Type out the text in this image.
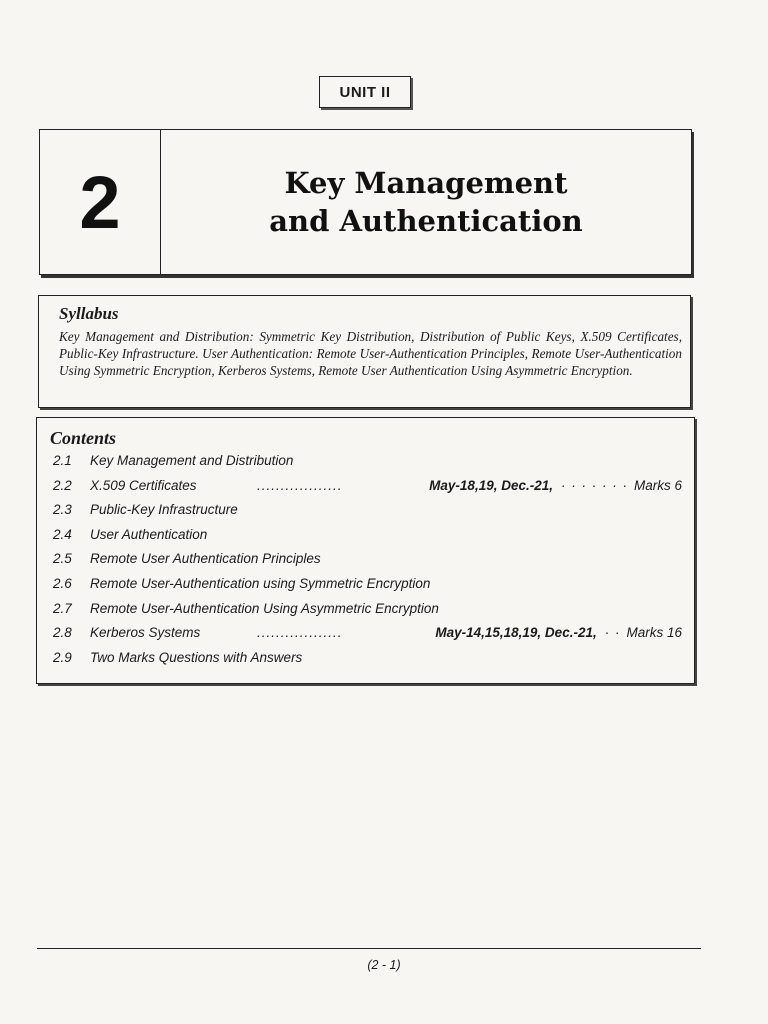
UNIT II
2	Key Management
and Authentication
Syllabus

Key Management and Distribution: Symmetric Key Distribution, Distribution of Public Keys, X.509 Certificates, Public-Key Infrastructure. User Authentication: Remote User-Authentication Principles, Remote User-Authentication Using Symmetric Encryption, Kerberos Systems, Remote User Authentication Using Asymmetric Encryption.

Contents
2.1 Key Management and Distribution
2.2 X.509 Certificates	..................	May-18,19, Dec.-21, · · · · · · · Marks 6
2.3 Public-Key Infrastructure
2.4 User Authentication
2.5 Remote User Authentication Principles
2.6 Remote User-Authentication using Symmetric Encryption
2.7 Remote User-Authentication Using Asymmetric Encryption
2.8 Kerberos Systems	..................	May-14,15,18,19, Dec.-21, · · Marks 16
2.9 Two Marks Questions with Answers
(2 - 1)
